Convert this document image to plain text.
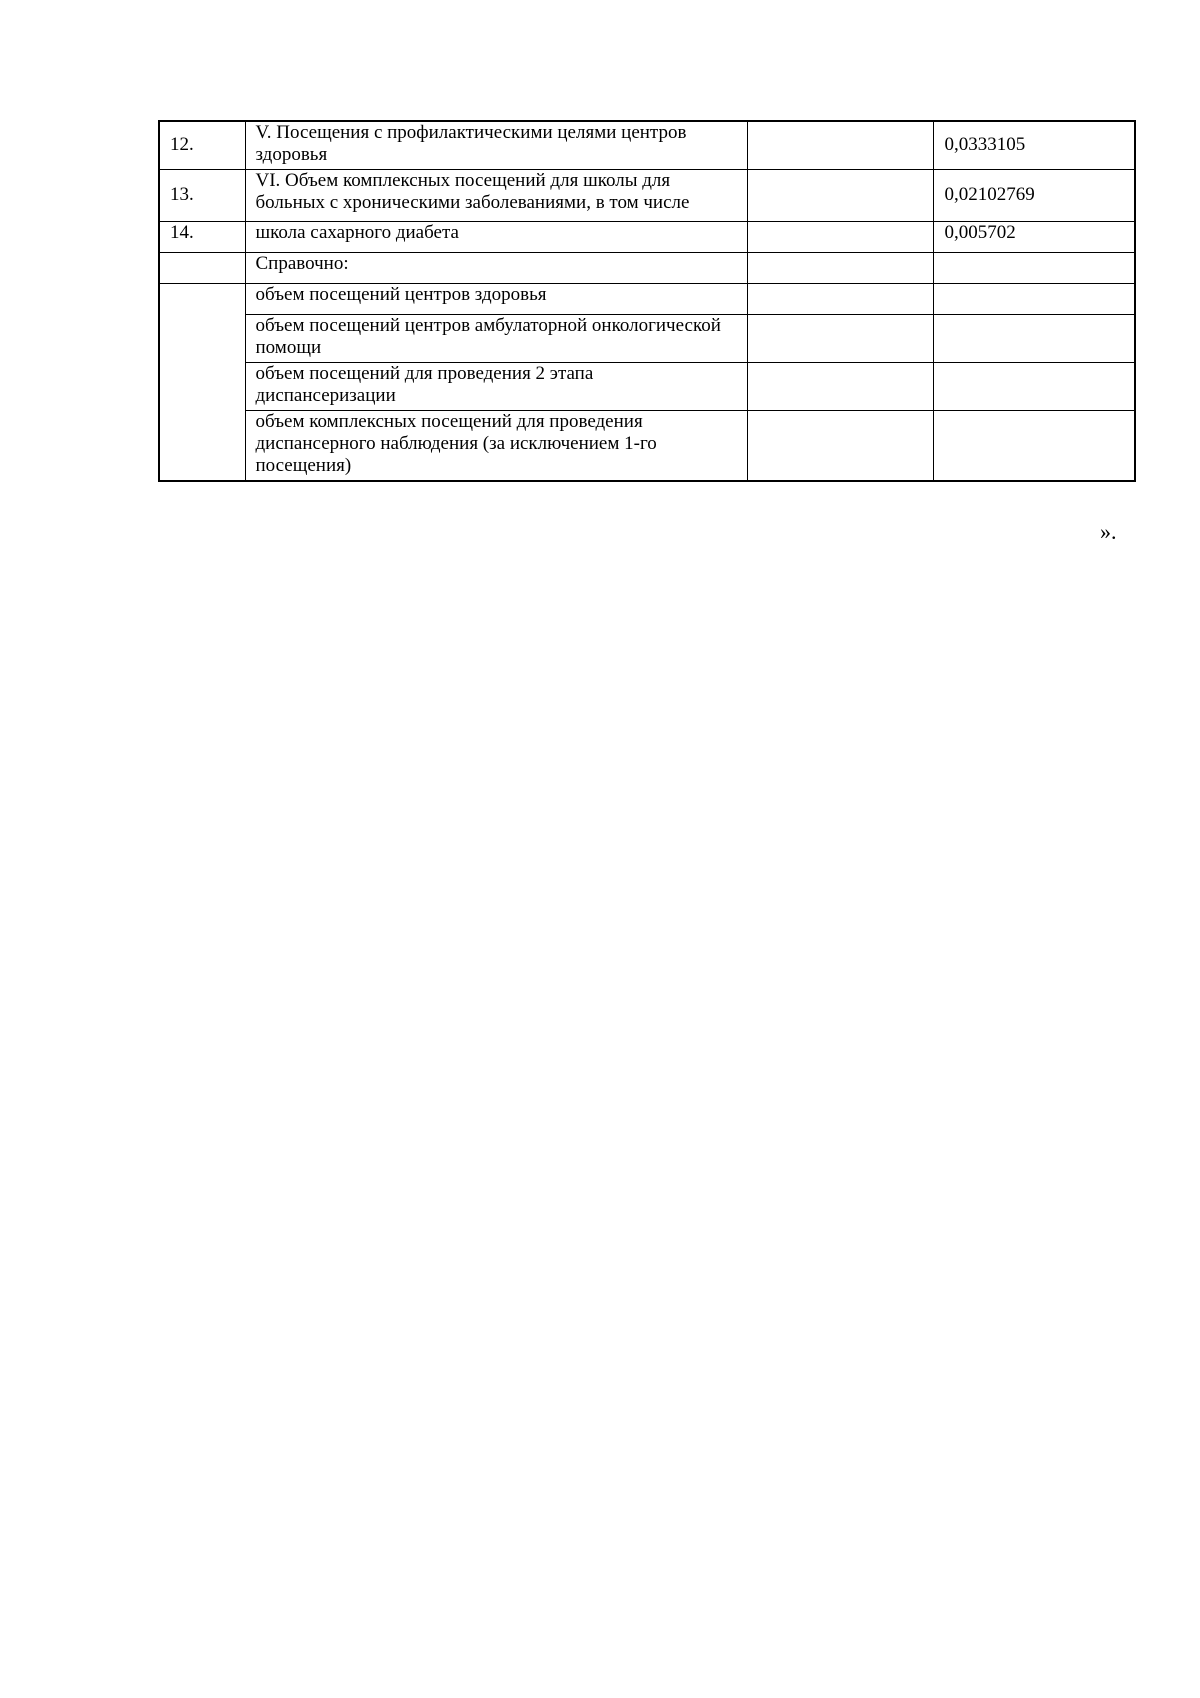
12.	V. Посещения с профилактическими целями центров здоровья		0,0333105
13.	VI. Объем комплексных посещений для школы для больных с хроническими заболеваниями, в том числе		0,02102769
14.	школа сахарного диабета		0,005702
	Справочно:		
	объем посещений центров здоровья		
	объем посещений центров амбулаторной онкологической помощи		
	объем посещений для проведения 2 этапа диспансеризации		
	объем комплексных посещений для проведения диспансерного наблюдения (за исключением 1-го посещения)		
».
